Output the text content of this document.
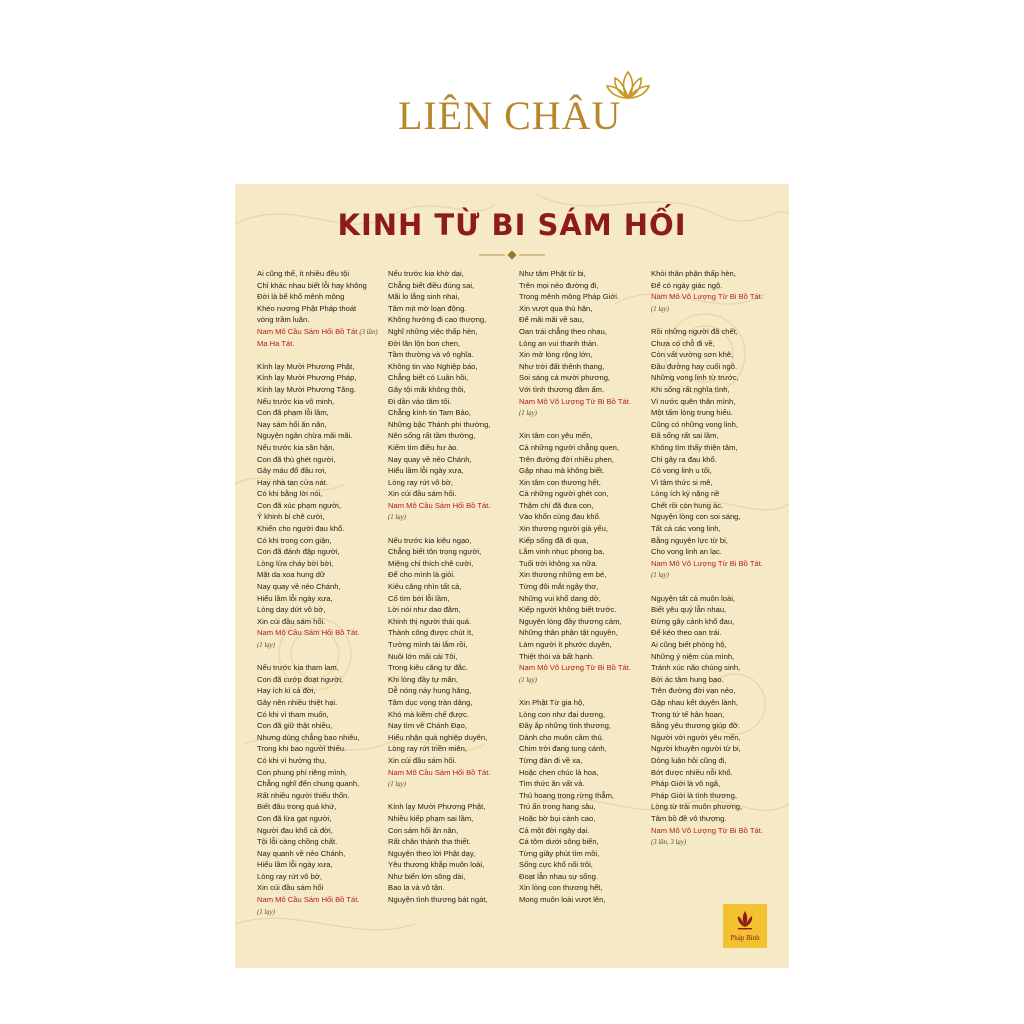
LIÊN CHÂU
KINH TỪ BI SÁM HỐI
Ai cũng thế, ít nhiều đều tội
Chỉ khác nhau biết lỗi hay không
Đời là bể khổ mênh mông
Khéo nương Phật Pháp thoát
vòng trầm luân.
Nam Mô Cầu Sám Hối Bồ Tát (3 lần)
Ma Ha Tát.
Kính lạy Mười Phương Phật,
Kính lạy Mười Phương Pháp,
Kính lạy Mười Phương Tăng.
Nếu trước kia vô minh,
Con đã phạm lỗi lầm,
Nay sám hối ăn năn,
Nguyện ngăn chừa mãi mãi.
Nếu trước kia sân hận,
Con đã thù ghét người,
Gây máu đổ đầu rơi,
Hay nhà tan cửa nát.
Có khi bằng lời nói,
Con đã xúc phạm người,
Ý khinh bỉ chê cười,
Khiến cho người đau khổ.
Có khi trong cơn giận,
Con đã đánh đập người,
Lòng lửa cháy bời bời,
Mặt dạ xoa hung dữ
Nay quay về nẻo Chánh,
Hiểu lầm lỗi ngày xưa,
Lòng day dứt vô bờ,
Xin cúi đầu sám hối.
Nam Mô Cầu Sám Hối Bồ Tát.
(1 lạy)
Nếu trước kia tham lam,
Con đã cướp đoạt người,
Hay ích kỉ cả đời,
Gây nên nhiều thiệt hại.
Có khi vì tham muốn,
Con đã giữ thật nhiều,
Nhưng dùng chẳng bao nhiêu,
Trong khi bao người thiếu.
Có khi vì hưởng thụ,
Con phung phí riêng mình,
Chẳng nghĩ đến chung quanh,
Rất nhiều người thiếu thốn.
Biết đâu trong quá khứ,
Con đã lừa gạt người,
Người đau khổ cả đời,
Tội lỗi càng chồng chất.
Nay quanh về nẻo Chánh,
Hiểu lầm lỗi ngày xưa,
Lòng ray rứt vô bờ,
Xin cúi đầu sám hối
Nam Mô Cầu Sám Hối Bồ Tát.
(1 lạy)
Nếu trước kia khờ dại,
Chẳng biết điều đúng sai,
Mãi lo lắng sinh nhai,
Tâm mịt mờ loạn động.
Không hướng đi cao thượng,
Nghĩ những việc thấp hèn,
Đời lăn lộn bon chen,
Tầm thường và vô nghĩa.
Không tin vào Nghiệp báo,
Chẳng biết có Luân hồi,
Gây tội mãi không thôi,
Đi dần vào tăm tối.
Chẳng kính tin Tam Bảo,
Những bậc Thánh phi thường,
Nên sống rất tầm thường,
Kiếm tìm điều hư ảo.
Nay quay về nẻo Chánh,
Hiểu lầm lỗi ngày xưa,
Lòng ray rứt vô bờ,
Xin cúi đầu sám hối.
Nam Mô Cầu Sám Hối Bồ Tát.
(1 lạy)
Nếu trước kia kiêu ngạo,
Chẳng biết tôn trọng người,
Miệng chỉ thích chê cười,
Để cho mình là giỏi.
Kiêu căng nhìn tất cả,
Cố tìm bới lỗi lầm,
Lời nói như dao đâm,
Khinh thị người thái quá.
Thành công được chút ít,
Tưởng mình tài lắm rồi,
Nuôi lớn mãi cái Tôi,
Trong kiêu căng tự đắc.
Khi lòng đầy tự mãn,
Dễ nóng nảy hung hăng,
Tâm dục vọng tràn dâng,
Khó mà kiềm chế được.
Nay tìm về Chánh Đạo,
Hiểu nhân quả nghiệp duyên,
Lòng ray rứt triền miên,
Xin cúi đầu sám hối.
Nam Mô Cầu Sám Hối Bồ Tát.
(1 lạy)
Kính lạy Mười Phương Phật,
Nhiều kiếp phạm sai lầm,
Con sám hối ăn năn,
Rất chân thành tha thiết.
Nguyện theo lời Phật dạy,
Yêu thương khắp muôn loài,
Như biển lớn sông dài,
Bao la và vô tận.
Nguyện tình thương bát ngát,
Như tâm Phật từ bi,
Trên mọi nẻo đường đi,
Trong mênh mông Pháp Giới.
Xin vượt qua thù hận,
Để mãi mãi về sau,
Oan trái chẳng theo nhau,
Lòng an vui thanh thản.
Xin mở lòng rộng lớn,
Như trời đất thênh thang,
Soi sáng cả mười phương,
Với tình thương đằm ấm.
Nam Mô Vô Lượng Từ Bi Bồ Tát.
(1 lạy)
Xin tâm con yêu mến,
Cả những người chẳng quen,
Trên đường đời nhiều phen,
Gặp nhau mà không biết.
Xin tâm con thương hết,
Cả những người ghét con,
Thậm chí đã đưa con,
Vào khốn cùng đau khổ.
Xin thương người già yếu,
Kiếp sống đã đi qua,
Lắm vinh nhục phong ba,
Tuổi trời không xa nữa.
Xin thương những em bé,
Từng đôi mắt ngây thơ,
Những vui khổ dang dở,
Kiếp người không biết trước.
Nguyện lòng đầy thương cảm,
Những thân phận tật nguyền,
Làm người ít phước duyên,
Thiệt thòi và bất hạnh.
Nam Mô Vô Lượng Từ Bi Bồ Tát.
(1 lạy)
Xin Phật Từ gia hộ,
Lòng con như đại dương,
Đầy ắp những tình thương,
Dành cho muôn cầm thú.
Chim trời đang tung cánh,
Từng đàn đi về xa,
Hoặc chen chúc là hoa,
Tìm thức ăn vất vả.
Thú hoang trong rừng thẳm,
Trú ẩn trong hang sâu,
Hoặc bờ bụi cành cao,
Cả một đời ngây dại.
Cá tôm dưới sông biển,
Từng giây phút tìm mồi,
Sống cực khổ nổi trôi,
Đoạt lẫn nhau sự sống.
Xin lòng con thương hết,
Mong muôn loài vượt lên,
Khỏi thân phận thấp hèn,
Để có ngày giác ngộ.
Nam Mô Vô Lượng Từ Bi Bồ Tát.
(1 lạy)
Rồi những người đã chết,
Chưa có chỗ đi về,
Còn vất vưởng sơn khê,
Đầu đường hay cuối ngõ.
Những vong linh từ trước,
Khi sống rất nghĩa tình,
Vì nước quên thân mình,
Một tấm lòng trung hiếu.
Cũng có những vong linh,
Đã sống rất sai lầm,
Không tìm thấy thiện tâm,
Chỉ gây ra đau khổ.
Có vong linh u tối,
Vì tâm thức si mê,
Lòng ích kỷ nặng nề
Chết rồi còn hung ác.
Nguyện lòng con soi sáng,
Tất cả các vong linh,
Bằng nguyện lực từ bi,
Cho vong linh an lạc.
Nam Mô Vô Lượng Từ Bi Bồ Tát.
(1 lạy)
Nguyện tất cả muôn loài,
Biết yêu quý lẫn nhau,
Đừng gây cảnh khổ đau,
Để kéo theo oan trái.
Ai cũng biết phòng hộ,
Những ý niệm của mình,
Tránh xúc não chúng sinh,
Bởi ác tâm hung bạo.
Trên đường đời vạn nẻo,
Gặp nhau kết duyên lành,
Trong tứ tế hân hoan,
Bằng yêu thương giúp đỡ.
Người với người yêu mến,
Người khuyên người từ bi,
Dòng luân hồi cũng đi,
Bớt được nhiều nỗi khổ.
Pháp Giới là vô ngã,
Pháp Giới là tình thương,
Lòng từ trải muôn phương,
Tâm bồ đề vô thượng.
Nam Mô Vô Lượng Từ Bi Bồ Tát.
(3 lần, 3 lạy)
Pháp Bình
